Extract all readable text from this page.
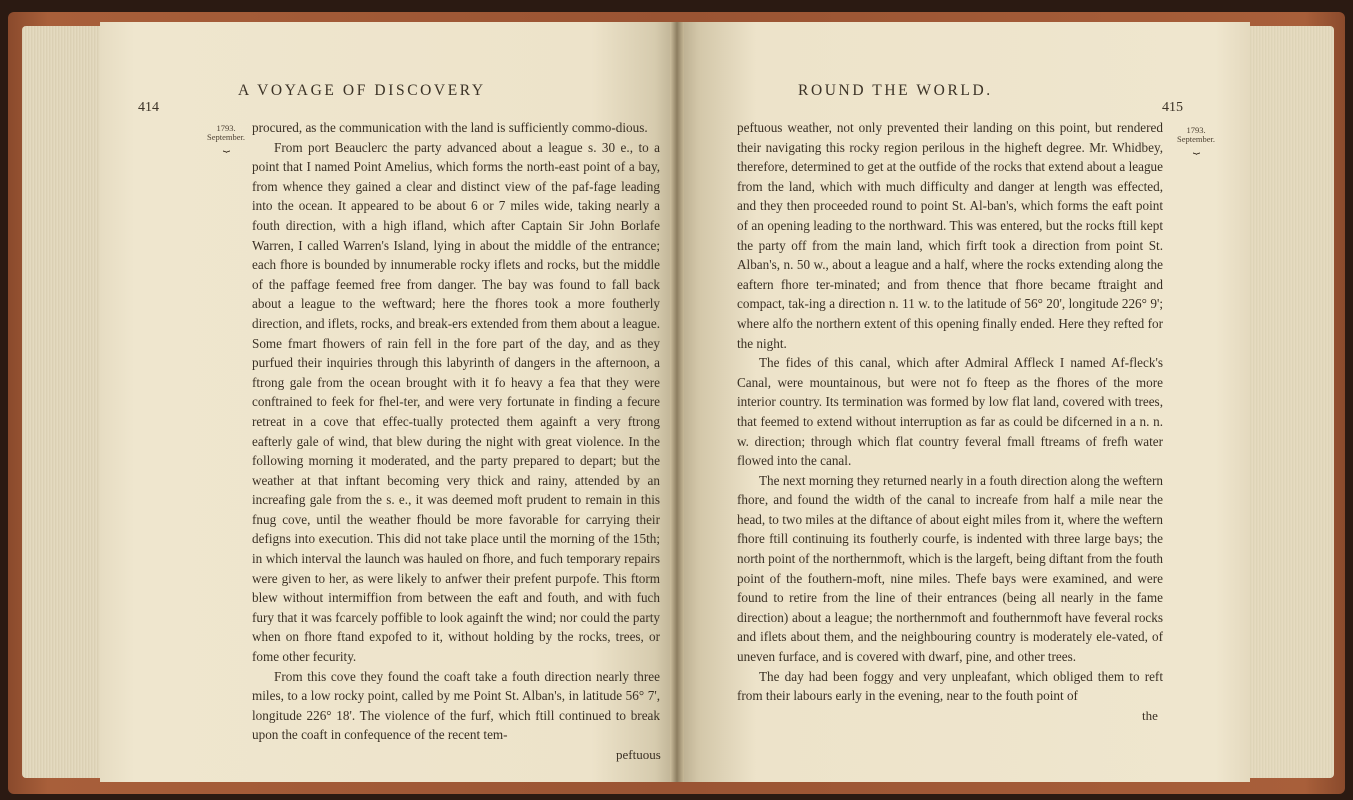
414
A VOYAGE OF DISCOVERY
1793.
September.
⏟

procured, as the communication with the land is sufficiently commo-dious.

From port Beauclerc the party advanced about a league s. 30 e., to a point that I named Point Amelius, which forms the north-east point of a bay, from whence they gained a clear and distinct view of the paf-fage leading into the ocean. It appeared to be about 6 or 7 miles wide, taking nearly a fouth direction, with a high ifland, which after Captain Sir John Borlafe Warren, I called Warren's Island, lying in about the middle of the entrance; each fhore is bounded by innumerable rocky iflets and rocks, but the middle of the paffage feemed free from danger. The bay was found to fall back about a league to the weftward; here the fhores took a more foutherly direction, and iflets, rocks, and break-ers extended from them about a league. Some fmart fhowers of rain fell in the fore part of the day, and as they purfued their inquiries through this labyrinth of dangers in the afternoon, a ftrong gale from the ocean brought with it fo heavy a fea that they were conftrained to feek for fhel-ter, and were very fortunate in finding a fecure retreat in a cove that effec-tually protected them againft a very ftrong eafterly gale of wind, that blew during the night with great violence. In the following morning it moderated, and the party prepared to depart; but the weather at that inftant becoming very thick and rainy, attended by an increafing gale from the s. e., it was deemed moft prudent to remain in this fnug cove, until the weather fhould be more favorable for carrying their defigns into execution. This did not take place until the morning of the 15th; in which interval the launch was hauled on fhore, and fuch temporary repairs were given to her, as were likely to anfwer their prefent purpofe. This ftorm blew without intermiffion from between the eaft and fouth, and with fuch fury that it was fcarcely poffible to look againft the wind; nor could the party when on fhore ftand expofed to it, without holding by the rocks, trees, or fome other fecurity.

From this cove they found the coaft take a fouth direction nearly three miles, to a low rocky point, called by me Point St. Alban's, in latitude 56° 7', longitude 226° 18'. The violence of the furf, which ftill continued to break upon the coaft in confequence of the recent tem-

peftuous
ROUND THE WORLD.
415
1793.
September.
⏟

peftuous weather, not only prevented their landing on this point, but rendered their navigating this rocky region perilous in the higheft degree. Mr. Whidbey, therefore, determined to get at the outfide of the rocks that extend about a league from the land, which with much difficulty and danger at length was effected, and they then proceeded round to point St. Al-ban's, which forms the eaft point of an opening leading to the northward. This was entered, but the rocks ftill kept the party off from the main land, which firft took a direction from point St. Alban's, n. 50 w., about a league and a half, where the rocks extending along the eaftern fhore ter-minated; and from thence that fhore became ftraight and compact, tak-ing a direction n. 11 w. to the latitude of 56° 20', longitude 226° 9'; where alfo the northern extent of this opening finally ended. Here they refted for the night.

The fides of this canal, which after Admiral Affleck I named Af-fleck's Canal, were mountainous, but were not fo fteep as the fhores of the more interior country. Its termination was formed by low flat land, covered with trees, that feemed to extend without interruption as far as could be difcerned in a n. n. w. direction; through which flat country feveral fmall ftreams of frefh water flowed into the canal.

The next morning they returned nearly in a fouth direction along the weftern fhore, and found the width of the canal to increafe from half a mile near the head, to two miles at the diftance of about eight miles from it, where the weftern fhore ftill continuing its foutherly courfe, is indented with three large bays; the north point of the northernmoft, which is the largeft, being diftant from the fouth point of the fouthern-moft, nine miles. Thefe bays were examined, and were found to retire from the line of their entrances (being all nearly in the fame direction) about a league; the northernmoft and fouthernmoft have feveral rocks and iflets about them, and the neighbouring country is moderately ele-vated, of uneven furface, and is covered with dwarf, pine, and other trees.

The day had been foggy and very unpleafant, which obliged them to reft from their labours early in the evening, near to the fouth point of

the
